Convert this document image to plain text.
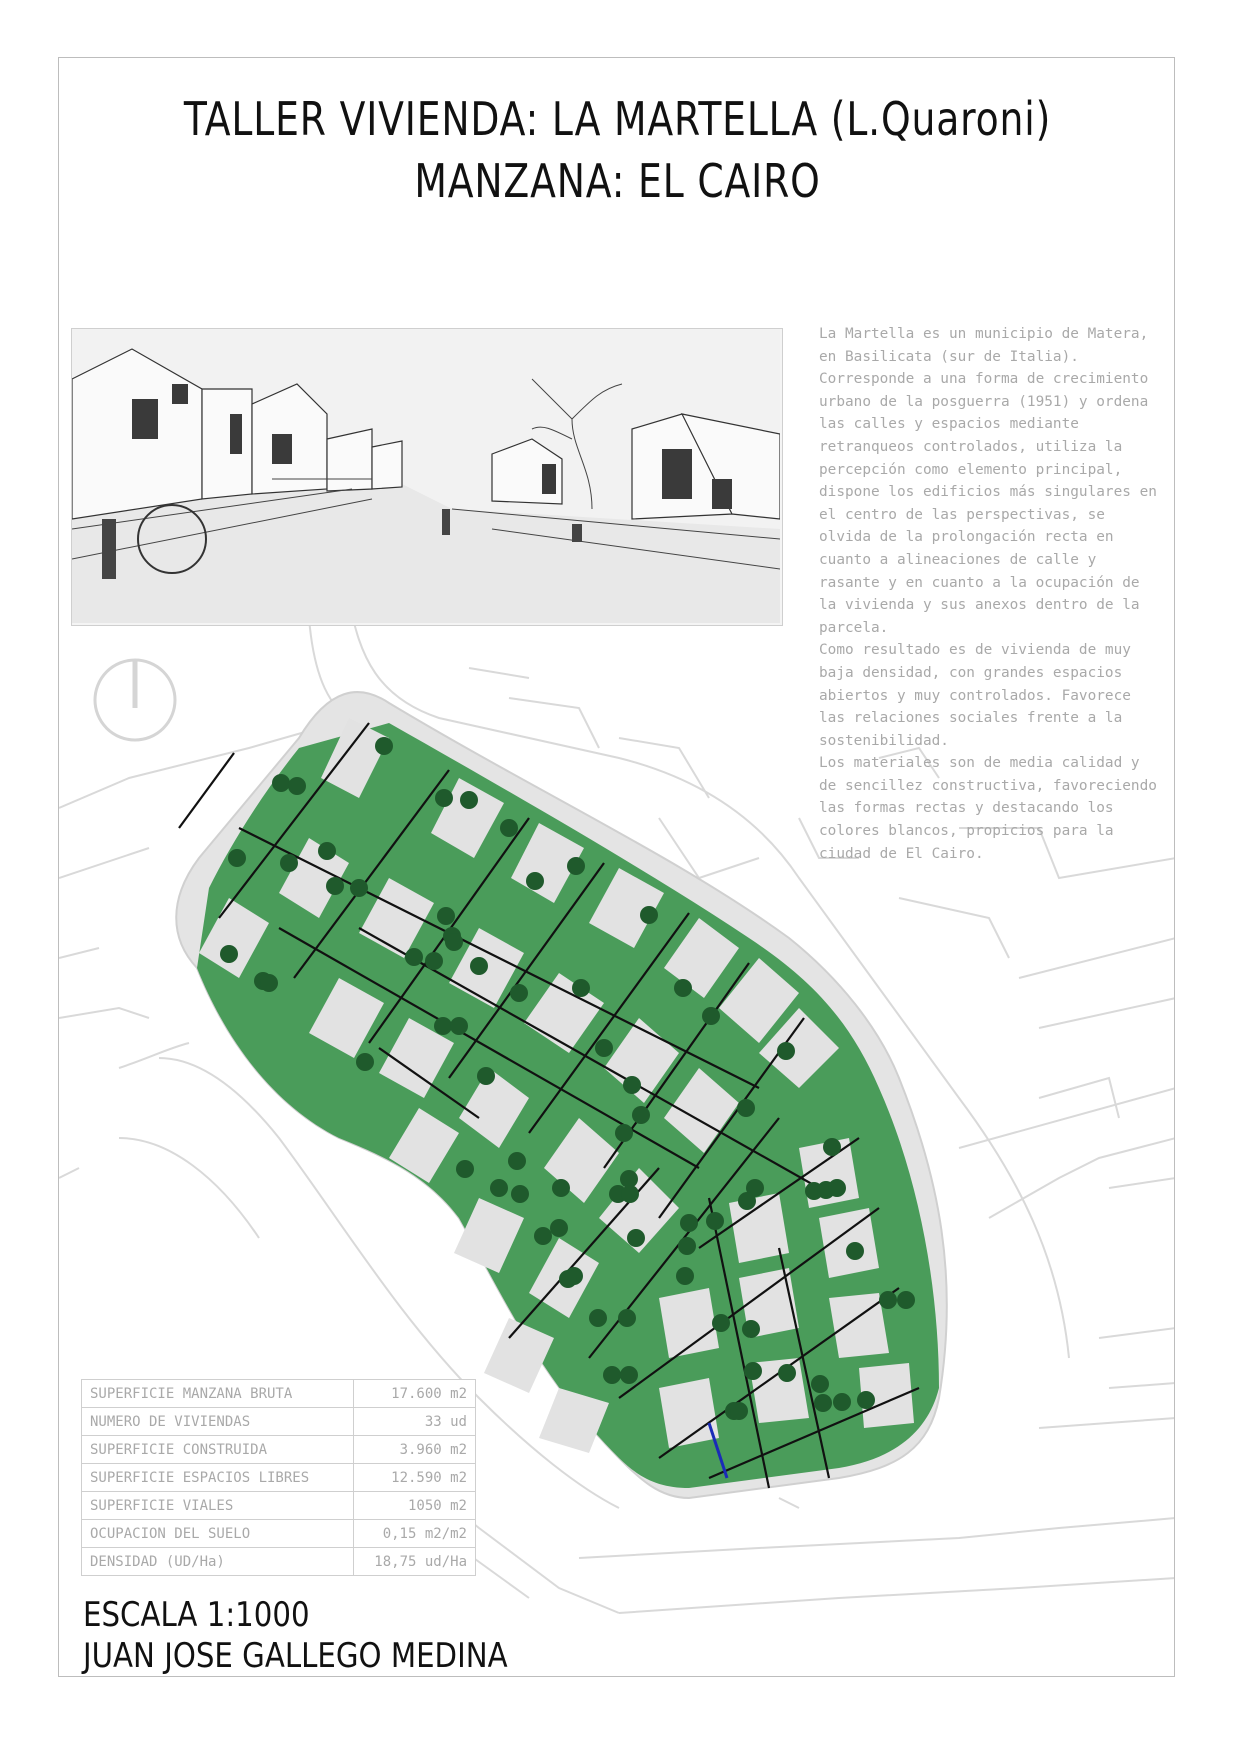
TALLER VIVIENDA: LA MARTELLA (L.Quaroni)
MANZANA: EL CAIRO

La Martella es un municipio de Matera, en Basilicata (sur de Italia).

Corresponde a una forma de crecimiento urbano de la posguerra (1951) y ordena las calles y espacios mediante retranqueos controlados, utiliza la percepción como elemento principal, dispone los edificios más singulares en el centro de las perspectivas, se olvida de la prolongación recta en cuanto a alineaciones de calle y rasante y en cuanto a la ocupación de la vivienda y sus anexos dentro de la parcela.

Como resultado es de vivienda de muy baja densidad, con grandes espacios abiertos y muy controlados. Favorece las relaciones sociales frente a la sostenibilidad.

Los materiales son de media calidad y de sencillez constructiva, favoreciendo las formas rectas y destacando los colores blancos, propicios para la ciudad de El Cairo.

SUPERFICIE MANZANA BRUTA	17.600 m2
NUMERO DE VIVIENDAS	33 ud
SUPERFICIE CONSTRUIDA	3.960 m2
SUPERFICIE ESPACIOS LIBRES	12.590 m2
SUPERFICIE VIALES	1050 m2
OCUPACION DEL SUELO	0,15 m2/m2
DENSIDAD (UD/Ha)	18,75 ud/Ha
ESCALA 1:1000
JUAN JOSE GALLEGO MEDINA
